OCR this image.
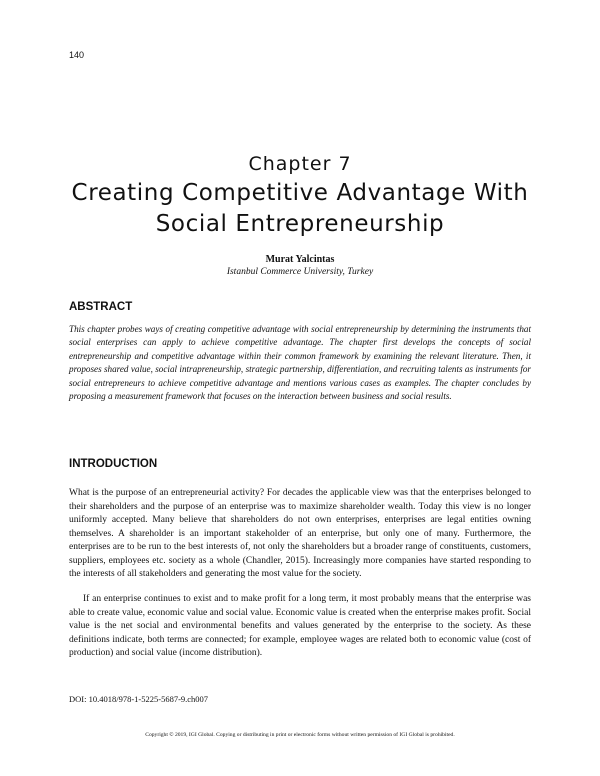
140
Chapter 7
Creating Competitive Advantage With Social Entrepreneurship
Murat Yalcintas
Istanbul Commerce University, Turkey
ABSTRACT

This chapter probes ways of creating competitive advantage with social entrepreneurship by determining the instruments that social enterprises can apply to achieve competitive advantage. The chapter first develops the concepts of social entrepreneurship and competitive advantage within their common framework by examining the relevant literature. Then, it proposes shared value, social intrapreneurship, strategic partnership, differentiation, and recruiting talents as instruments for social entrepreneurs to achieve competitive advantage and mentions various cases as examples. The chapter concludes by proposing a measurement framework that focuses on the interaction between business and social results.

INTRODUCTION

What is the purpose of an entrepreneurial activity? For decades the applicable view was that the enterprises belonged to their shareholders and the purpose of an enterprise was to maximize shareholder wealth. Today this view is no longer uniformly accepted. Many believe that shareholders do not own enterprises, enterprises are legal entities owning themselves. A shareholder is an important stakeholder of an enterprise, but only one of many. Furthermore, the enterprises are to be run to the best interests of, not only the shareholders but a broader range of constituents, customers, suppliers, employees etc. society as a whole (Chandler, 2015). Increasingly more companies have started responding to the interests of all stakeholders and generating the most value for the society.

If an enterprise continues to exist and to make profit for a long term, it most probably means that the enterprise was able to create value, economic value and social value. Economic value is created when the enterprise makes profit. Social value is the net social and environmental benefits and values generated by the enterprise to the society. As these definitions indicate, both terms are connected; for example, employee wages are related both to economic value (cost of production) and social value (income distribution).

DOI: 10.4018/978-1-5225-5687-9.ch007
Copyright © 2019, IGI Global. Copying or distributing in print or electronic forms without written permission of IGI Global is prohibited.
